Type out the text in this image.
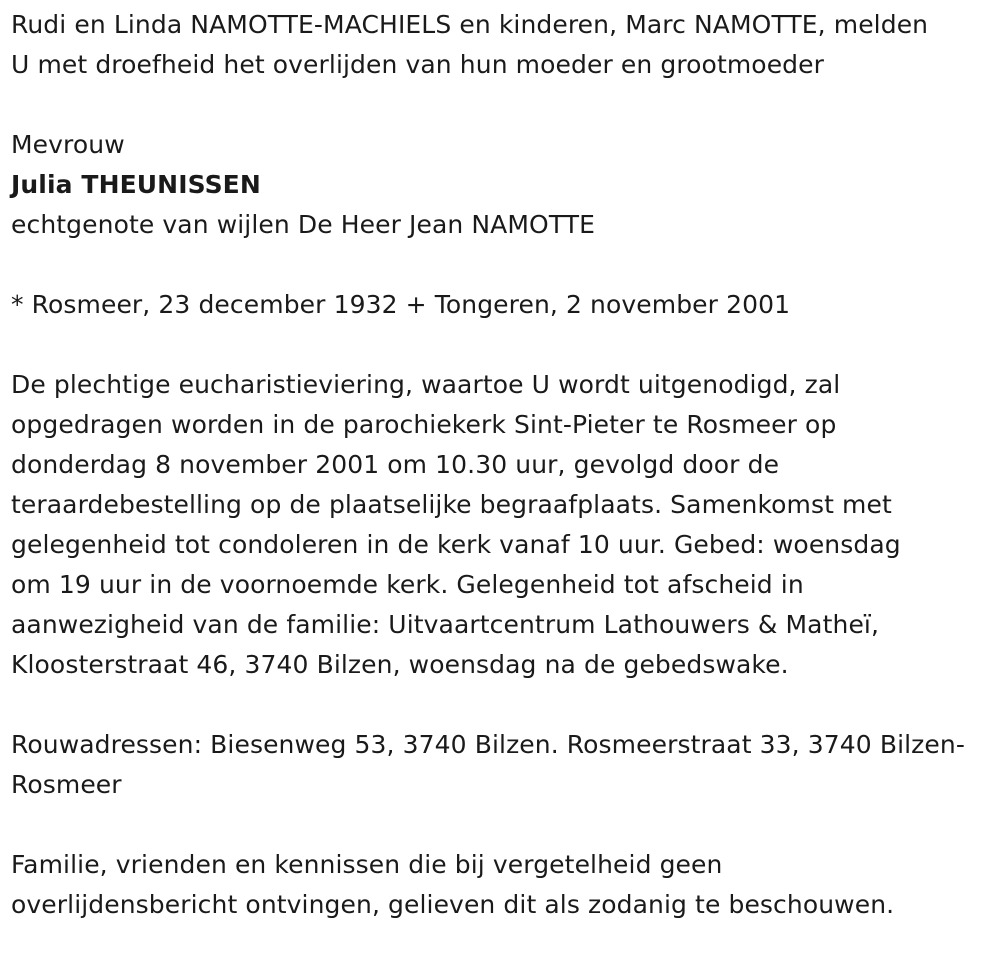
Rudi en Linda NAMOTTE-MACHIELS en kinderen, Marc NAMOTTE, melden
U met droefheid het overlijden van hun moeder en grootmoeder
Mevrouw
Julia THEUNISSEN
echtgenote van wijlen De Heer Jean NAMOTTE
* Rosmeer, 23 december 1932 + Tongeren, 2 november 2001
De plechtige eucharistieviering, waartoe U wordt uitgenodigd, zal
opgedragen worden in de parochiekerk Sint-Pieter te Rosmeer op
donderdag 8 november 2001 om 10.30 uur, gevolgd door de
teraardebestelling op de plaatselijke begraafplaats. Samenkomst met
gelegenheid tot condoleren in de kerk vanaf 10 uur. Gebed: woensdag
om 19 uur in de voornoemde kerk. Gelegenheid tot afscheid in
aanwezigheid van de familie: Uitvaartcentrum Lathouwers & Matheï,
Kloosterstraat 46, 3740 Bilzen, woensdag na de gebedswake.
Rouwadressen: Biesenweg 53, 3740 Bilzen. Rosmeerstraat 33, 3740 Bilzen-
Rosmeer
Familie, vrienden en kennissen die bij vergetelheid geen
overlijdensbericht ontvingen, gelieven dit als zodanig te beschouwen.
